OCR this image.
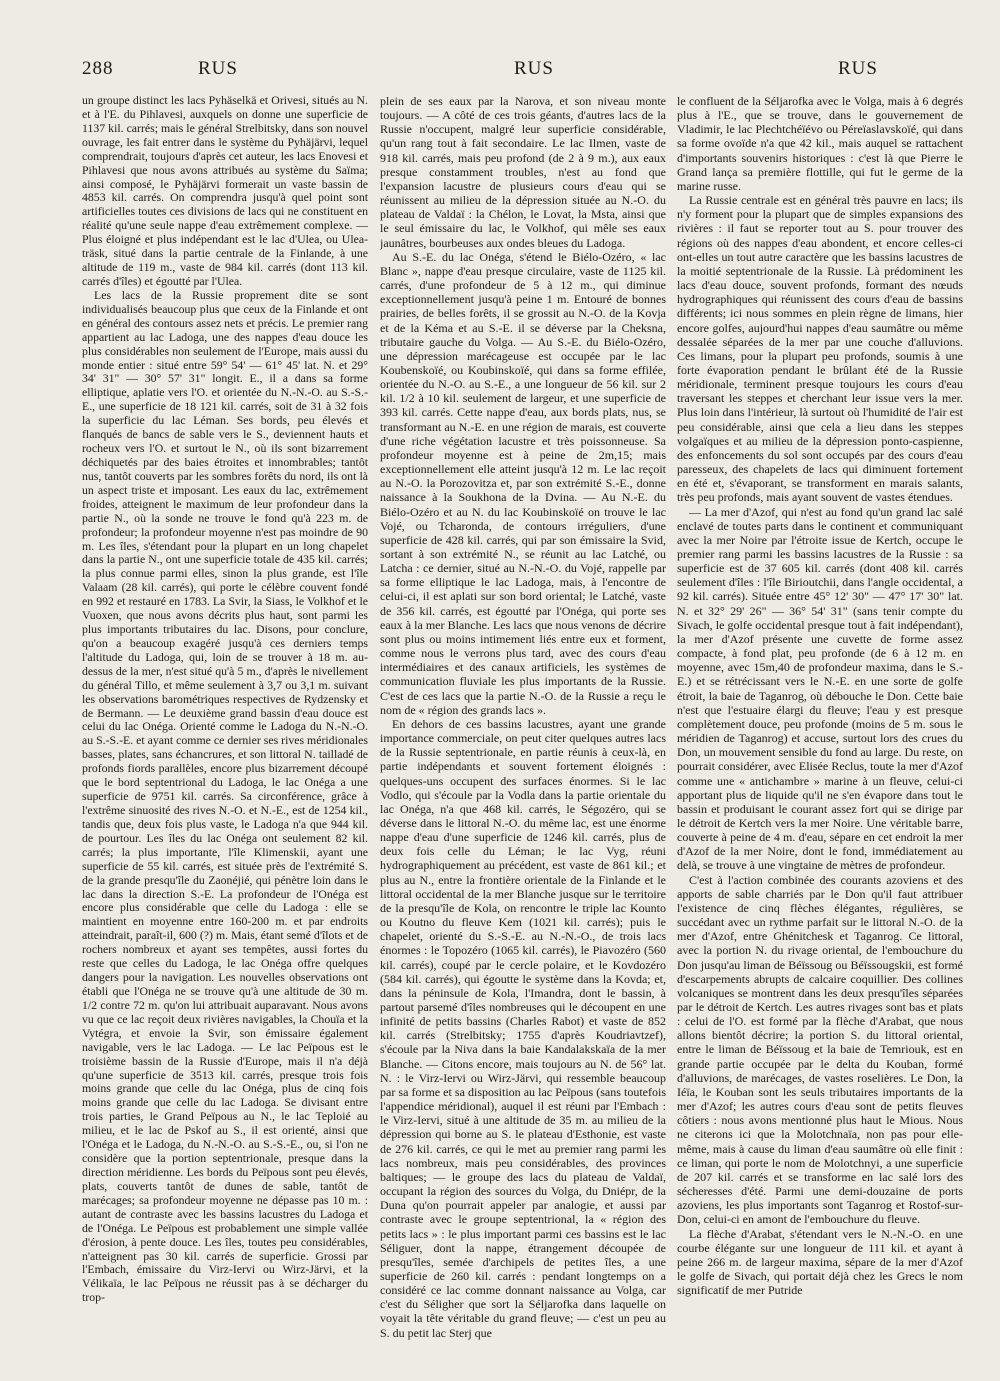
288	RUS	RUS	RUS

un groupe distinct les lacs Pyhäselkä et Orivesi, situés au N. et à l'E. du Pihlavesi, auxquels on donne une superficie de 1137 kil. carrés; mais le général Strelbitsky, dans son nouvel ouvrage, les fait entrer dans le système du Pyhäjärvi, lequel comprendrait, toujours d'après cet auteur, les lacs Enovesi et Pihlavesi que nous avons attribués au système du Saïma; ainsi composé, le Pyhäjärvi formerait un vaste bassin de 4853 kil. carrés. On comprendra jusqu'à quel point sont artificielles toutes ces divisions de lacs qui ne constituent en réalité qu'une seule nappe d'eau extrêmement complexe. — Plus éloigné et plus indépendant est le lac d'Ulea, ou Ulea-träsk, situé dans la partie centrale de la Finlande, à une altitude de 119 m., vaste de 984 kil. carrés (dont 113 kil. carrés d'îles) et égoutté par l'Ulea.

Les lacs de la Russie proprement dite se sont individualisés beaucoup plus que ceux de la Finlande et ont en général des contours assez nets et précis. Le premier rang appartient au lac Ladoga, une des nappes d'eau douce les plus considérables non seulement de l'Europe, mais aussi du monde entier : situé entre 59° 54' — 61° 45' lat. N. et 29° 34' 31" — 30° 57' 31" longit. E., il a dans sa forme elliptique, aplatie vers l'O. et orientée du N.-N.-O. au S.-S.-E., une superficie de 18 121 kil. carrés, soit de 31 à 32 fois la superficie du lac Léman. Ses bords, peu élevés et flanqués de bancs de sable vers le S., deviennent hauts et rocheux vers l'O. et surtout le N., où ils sont bizarrement déchiquetés par des baies étroites et innombrables; tantôt nus, tantôt couverts par les sombres forêts du nord, ils ont là un aspect triste et imposant. Les eaux du lac, extrêmement froides, atteignent le maximum de leur profondeur dans la partie N., où la sonde ne trouve le fond qu'à 223 m. de profondeur; la profondeur moyenne n'est pas moindre de 90 m. Les îles, s'étendant pour la plupart en un long chapelet dans la partie N., ont une superficie totale de 435 kil. carrés; la plus connue parmi elles, sinon la plus grande, est l'île Valaam (28 kil. carrés), qui porte le célèbre couvent fondé en 992 et restauré en 1783. La Svir, la Siass, le Volkhof et le Vuoxen, que nous avons décrits plus haut, sont parmi les plus importants tributaires du lac. Disons, pour conclure, qu'on a beaucoup exagéré jusqu'à ces derniers temps l'altitude du Ladoga, qui, loin de se trouver à 18 m. au-dessus de la mer, n'est situé qu'à 5 m., d'après le nivellement du général Tillo, et même seulement à 3,7 ou 3,1 m. suivant les observations barométriques respectives de Rydzensky et de Bermann. — Le deuxième grand bassin d'eau douce est celui du lac Onéga. Orienté comme le Ladoga du N.-N.-O. au S.-S.-E. et ayant comme ce dernier ses rives méridionales basses, plates, sans échancrures, et son littoral N. tailladé de profonds fiords parallèles, encore plus bizarrement découpé que le bord septentrional du Ladoga, le lac Onéga a une superficie de 9751 kil. carrés. Sa circonférence, grâce à l'extrême sinuosité des rives N.-O. et N.-E., est de 1254 kil., tandis que, deux fois plus vaste, le Ladoga n'a que 944 kil. de pourtour. Les îles du lac Onéga ont seulement 82 kil. carrés; la plus importante, l'île Klimenskii, ayant une superficie de 55 kil. carrés, est située près de l'extrémité S. de la grande presqu'île du Zaonéjié, qui pénètre loin dans le lac dans la direction S.-E. La profondeur de l'Onéga est encore plus considérable que celle du Ladoga : elle se maintient en moyenne entre 160-200 m. et par endroits atteindrait, paraît-il, 600 (?) m. Mais, étant semé d'îlots et de rochers nombreux et ayant ses tempêtes, aussi fortes du reste que celles du Ladoga, le lac Onéga offre quelques dangers pour la navigation. Les nouvelles observations ont établi que l'Onéga ne se trouve qu'à une altitude de 30 m. 1/2 contre 72 m. qu'on lui attribuait auparavant. Nous avons vu que ce lac reçoit deux rivières navigables, la Chouïa et la Vytégra, et envoie la Svir, son émissaire également navigable, vers le lac Ladoga. — Le lac Peïpous est le troisième bassin de la Russie d'Europe, mais il n'a déjà qu'une superficie de 3513 kil. carrés, presque trois fois moins grande que celle du lac Onéga, plus de cinq fois moins grande que celle du lac Ladoga. Se divisant entre trois parties, le Grand Peïpous au N., le lac Teploié au milieu, et le lac de Pskof au S., il est orienté, ainsi que l'Onéga et le Ladoga, du N.-N.-O. au S.-S.-E., ou, si l'on ne considère que la portion septentrionale, presque dans la direction méridienne. Les bords du Peïpous sont peu élevés, plats, couverts tantôt de dunes de sable, tantôt de marécages; sa profondeur moyenne ne dépasse pas 10 m. : autant de contraste avec les bassins lacustres du Ladoga et de l'Onéga. Le Peïpous est probablement une simple vallée d'érosion, à pente douce. Les îles, toutes peu considérables, n'atteignent pas 30 kil. carrés de superficie. Grossi par l'Embach, émissaire du Virz-Iervi ou Wirz-Järvi, et la Vélikaïa, le lac Peïpous ne réussit pas à se décharger du trop-

plein de ses eaux par la Narova, et son niveau monte toujours. — A côté de ces trois géants, d'autres lacs de la Russie n'occupent, malgré leur superficie considérable, qu'un rang tout à fait secondaire. Le lac Ilmen, vaste de 918 kil. carrés, mais peu profond (de 2 à 9 m.), aux eaux presque constamment troubles, n'est au fond que l'expansion lacustre de plusieurs cours d'eau qui se réunissent au milieu de la dépression située au N.-O. du plateau de Valdaï : la Chélon, le Lovat, la Msta, ainsi que le seul émissaire du lac, le Volkhof, qui mêle ses eaux jaunâtres, bourbeuses aux ondes bleues du Ladoga.

Au S.-E. du lac Onéga, s'étend le Biélo-Ozéro, « lac Blanc », nappe d'eau presque circulaire, vaste de 1125 kil. carrés, d'une profondeur de 5 à 12 m., qui diminue exceptionnellement jusqu'à peine 1 m. Entouré de bonnes prairies, de belles forêts, il se grossit au N.-O. de la Kovja et de la Kéma et au S.-E. il se déverse par la Cheksna, tributaire gauche du Volga. — Au S.-E. du Biélo-Ozéro, une dépression marécageuse est occupée par le lac Koubenskoïé, ou Koubinskoïé, qui dans sa forme effilée, orientée du N.-O. au S.-E., a une longueur de 56 kil. sur 2 kil. 1/2 à 10 kil. seulement de largeur, et une superficie de 393 kil. carrés. Cette nappe d'eau, aux bords plats, nus, se transformant au N.-E. en une région de marais, est couverte d'une riche végétation lacustre et très poissonneuse. Sa profondeur moyenne est à peine de 2m,15; mais exceptionnellement elle atteint jusqu'à 12 m. Le lac reçoit au N.-O. la Porozovitza et, par son extrémité S.-E., donne naissance à la Soukhona de la Dvina. — Au N.-E. du Biélo-Ozéro et au N. du lac Koubinskoïé on trouve le lac Vojé, ou Tcharonda, de contours irréguliers, d'une superficie de 428 kil. carrés, qui par son émissaire la Svid, sortant à son extrémité N., se réunit au lac Latché, ou Latcha : ce dernier, situé au N.-N.-O. du Vojé, rappelle par sa forme elliptique le lac Ladoga, mais, à l'encontre de celui-ci, il est aplati sur son bord oriental; le Latché, vaste de 356 kil. carrés, est égoutté par l'Onéga, qui porte ses eaux à la mer Blanche. Les lacs que nous venons de décrire sont plus ou moins intimement liés entre eux et forment, comme nous le verrons plus tard, avec des cours d'eau intermédiaires et des canaux artificiels, les systèmes de communication fluviale les plus importants de la Russie. C'est de ces lacs que la partie N.-O. de la Russie a reçu le nom de « région des grands lacs ».

En dehors de ces bassins lacustres, ayant une grande importance commerciale, on peut citer quelques autres lacs de la Russie septentrionale, en partie réunis à ceux-là, en partie indépendants et souvent fortement éloignés : quelques-uns occupent des surfaces énormes. Si le lac Vodlo, qui s'écoule par la Vodla dans la partie orientale du lac Onéga, n'a que 468 kil. carrés, le Ségozéro, qui se déverse dans le littoral N.-O. du même lac, est une énorme nappe d'eau d'une superficie de 1246 kil. carrés, plus de deux fois celle du Léman; le lac Vyg, réuni hydrographiquement au précédent, est vaste de 861 kil.; et plus au N., entre la frontière orientale de la Finlande et le littoral occidental de la mer Blanche jusque sur le territoire de la presqu'île de Kola, on rencontre le triple lac Kounto ou Koutno du fleuve Kem (1021 kil. carrés); puis le chapelet, orienté du S.-S.-E. au N.-N.-O., de trois lacs énormes : le Topozéro (1065 kil. carrés), le Piavozéro (560 kil. carrés), coupé par le cercle polaire, et le Kovdozéro (584 kil. carrés), qui égoutte le système dans la Kovda; et, dans la péninsule de Kola, l'Imandra, dont le bassin, à partout parsemé d'îles nombreuses qui le découpent en une infinité de petits bassins (Charles Rabot) et vaste de 852 kil. carrés (Strelbitsky; 1755 d'après Koudriavtzef), s'écoule par la Niva dans la baie Kandalakskaïa de la mer Blanche. — Citons encore, mais toujours au N. de 56° lat. N. : le Virz-Iervi ou Wirz-Järvi, qui ressemble beaucoup par sa forme et sa disposition au lac Peïpous (sans toutefois l'appendice méridional), auquel il est réuni par l'Embach : le Virz-Iervi, situé à une altitude de 35 m. au milieu de la dépression qui borne au S. le plateau d'Esthonie, est vaste de 276 kil. carrés, ce qui le met au premier rang parmi les lacs nombreux, mais peu considérables, des provinces baltiques; — le groupe des lacs du plateau de Valdaï, occupant la région des sources du Volga, du Dniépr, de la Duna qu'on pourrait appeler par analogie, et aussi par contraste avec le groupe septentrional, la « région des petits lacs » : le plus important parmi ces bassins est le lac Séliguer, dont la nappe, étrangement découpée de presqu'îles, semée d'archipels de petites îles, a une superficie de 260 kil. carrés : pendant longtemps on a considéré ce lac comme donnant naissance au Volga, car c'est du Séligher que sort la Séljarofka dans laquelle on voyait la tête véritable du grand fleuve; — c'est un peu au S. du petit lac Sterj que

le confluent de la Séljarofka avec le Volga, mais à 6 degrés plus à l'E., que se trouve, dans le gouvernement de Vladimir, le lac Plechtchéïévo ou Péreïaslavskoïé, qui dans sa forme ovoïde n'a que 42 kil., mais auquel se rattachent d'importants souvenirs historiques : c'est là que Pierre le Grand lança sa première flottille, qui fut le germe de la marine russe.

La Russie centrale est en général très pauvre en lacs; ils n'y forment pour la plupart que de simples expansions des rivières : il faut se reporter tout au S. pour trouver des régions où des nappes d'eau abondent, et encore celles-ci ont-elles un tout autre caractère que les bassins lacustres de la moitié septentrionale de la Russie. Là prédominent les lacs d'eau douce, souvent profonds, formant des nœuds hydrographiques qui réunissent des cours d'eau de bassins différents; ici nous sommes en plein règne de limans, hier encore golfes, aujourd'hui nappes d'eau saumâtre ou même dessalée séparées de la mer par une couche d'alluvions. Ces limans, pour la plupart peu profonds, soumis à une forte évaporation pendant le brûlant été de la Russie méridionale, terminent presque toujours les cours d'eau traversant les steppes et cherchant leur issue vers la mer. Plus loin dans l'intérieur, là surtout où l'humidité de l'air est peu considérable, ainsi que cela a lieu dans les steppes volgaïques et au milieu de la dépression ponto-caspienne, des enfoncements du sol sont occupés par des cours d'eau paresseux, des chapelets de lacs qui diminuent fortement en été et, s'évaporant, se transforment en marais salants, très peu profonds, mais ayant souvent de vastes étendues.

— La mer d'Azof, qui n'est au fond qu'un grand lac salé enclavé de toutes parts dans le continent et communiquant avec la mer Noire par l'étroite issue de Kertch, occupe le premier rang parmi les bassins lacustres de la Russie : sa superficie est de 37 605 kil. carrés (dont 408 kil. carrés seulement d'îles : l'île Birioutchii, dans l'angle occidental, a 92 kil. carrés). Située entre 45° 12' 30" — 47° 17' 30" lat. N. et 32° 29' 26" — 36° 54' 31" (sans tenir compte du Sivach, le golfe occidental presque tout à fait indépendant), la mer d'Azof présente une cuvette de forme assez compacte, à fond plat, peu profonde (de 6 à 12 m. en moyenne, avec 15m,40 de profondeur maxima, dans le S.-E.) et se rétrécissant vers le N.-E. en une sorte de golfe étroit, la baie de Taganrog, où débouche le Don. Cette baie n'est que l'estuaire élargi du fleuve; l'eau y est presque complètement douce, peu profonde (moins de 5 m. sous le méridien de Taganrog) et accuse, surtout lors des crues du Don, un mouvement sensible du fond au large. Du reste, on pourrait considérer, avec Elisée Reclus, toute la mer d'Azof comme une « antichambre » marine à un fleuve, celui-ci apportant plus de liquide qu'il ne s'en évapore dans tout le bassin et produisant le courant assez fort qui se dirige par le détroit de Kertch vers la mer Noire. Une véritable barre, couverte à peine de 4 m. d'eau, sépare en cet endroit la mer d'Azof de la mer Noire, dont le fond, immédiatement au delà, se trouve à une vingtaine de mètres de profondeur.

C'est à l'action combinée des courants azoviens et des apports de sable charriés par le Don qu'il faut attribuer l'existence de cinq flèches élégantes, régulières, se succédant avec un rythme parfait sur le littoral N.-O. de la mer d'Azof, entre Ghénitchesk et Taganrog. Ce littoral, avec la portion N. du rivage oriental, de l'embouchure du Don jusqu'au liman de Béïssoug ou Béïssougskii, est formé d'escarpements abrupts de calcaire coquillier. Des collines volcaniques se montrent dans les deux presqu'îles séparées par le détroit de Kertch. Les autres rivages sont bas et plats : celui de l'O. est formé par la flèche d'Arabat, que nous allons bientôt décrire; la portion S. du littoral oriental, entre le liman de Béïssoug et la baie de Temriouk, est en grande partie occupée par le delta du Kouban, formé d'alluvions, de marécages, de vastes roselières. Le Don, la Iéïa, le Kouban sont les seuls tributaires importants de la mer d'Azof; les autres cours d'eau sont de petits fleuves côtiers : nous avons mentionné plus haut le Mious. Nous ne citerons ici que la Molotchnaïa, non pas pour elle-même, mais à cause du liman d'eau saumâtre où elle finit : ce liman, qui porte le nom de Molotchnyi, a une superficie de 207 kil. carrés et se transforme en lac salé lors des sécheresses d'été. Parmi une demi-douzaine de ports azoviens, les plus importants sont Taganrog et Rostof-sur-Don, celui-ci en amont de l'embouchure du fleuve.

La flèche d'Arabat, s'étendant vers le N.-N.-O. en une courbe élégante sur une longueur de 111 kil. et ayant à peine 266 m. de largeur maxima, sépare de la mer d'Azof le golfe de Sivach, qui portait déjà chez les Grecs le nom significatif de mer Putride
